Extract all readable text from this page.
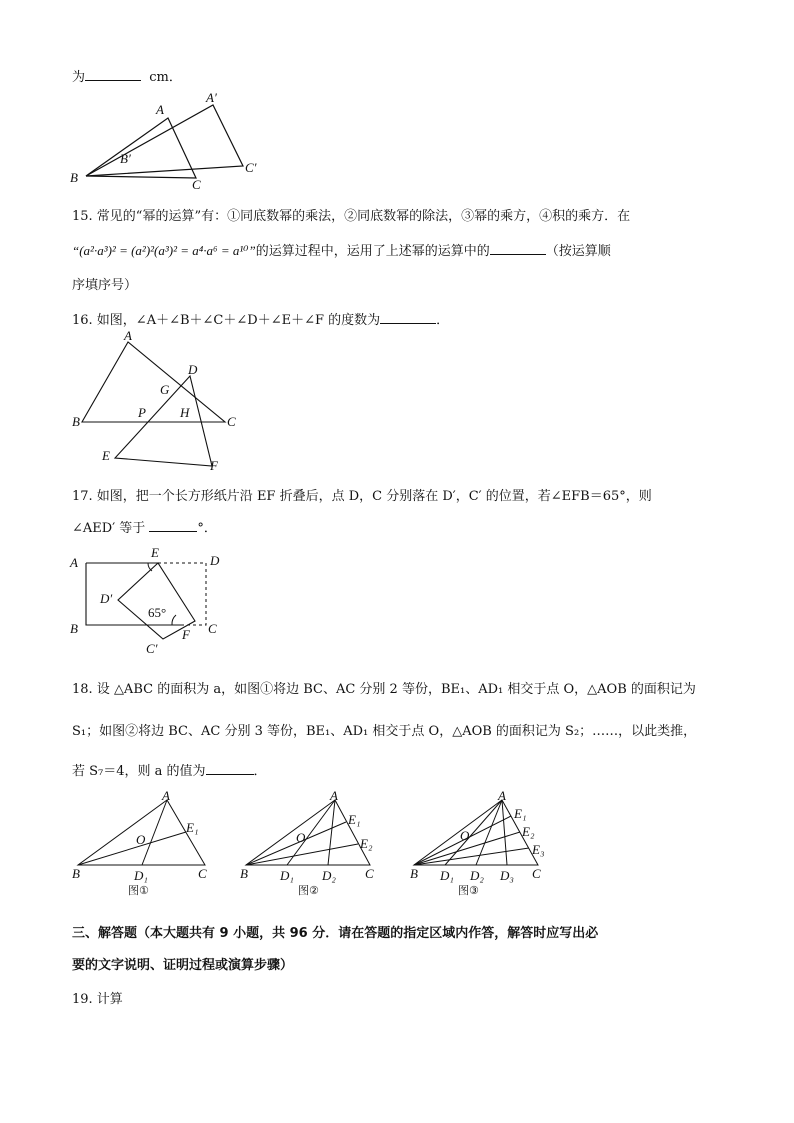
为	cm．
A
A′
B
B′
C
C′
15. 常见的“幂的运算”有：①同底数幂的乘法，②同底数幂的除法，③幂的乘方，④积的乘方．在
“(a²·a³)² = (a²)²(a³)² = a⁴·a⁶ = a¹⁰”的运算过程中，运用了上述幂的运算中的	（按运算顺
序填序号）
16. 如图，∠A＋∠B＋∠C＋∠D＋∠E＋∠F 的度数为	．
A
B	C
D
E
F
G
P	H
17. 如图，把一个长方形纸片沿 EF 折叠后，点 D，C 分别落在 D′，C′ 的位置，若∠EFB＝65°，则
∠AED′ 等于	°．
A
E
D
B	C
D′
F
C′
65°
18. 设 △ABC 的面积为 a，如图①将边 BC、AC 分别 2 等份，BE₁、AD₁ 相交于点 O，△AOB 的面积记为
S₁；如图②将边 BC、AC 分别 3 等份，BE₁、AD₁ 相交于点 O，△AOB 的面积记为 S₂；……，以此类推，
若 S₇＝4，则 a 的值为	．
A
B	C
O
E₁
D₁
图①
A
B	C
O
E₁
E₂
D₁ D₂
图②
A
B	C
O
E₁
E₂
E₃
D₁ D₂ D₃
图③
三、解答题（本大题共有 9 小题，共 96 分．请在答题的指定区域内作答，解答时应写出必
要的文字说明、证明过程或演算步骤）
19. 计算
